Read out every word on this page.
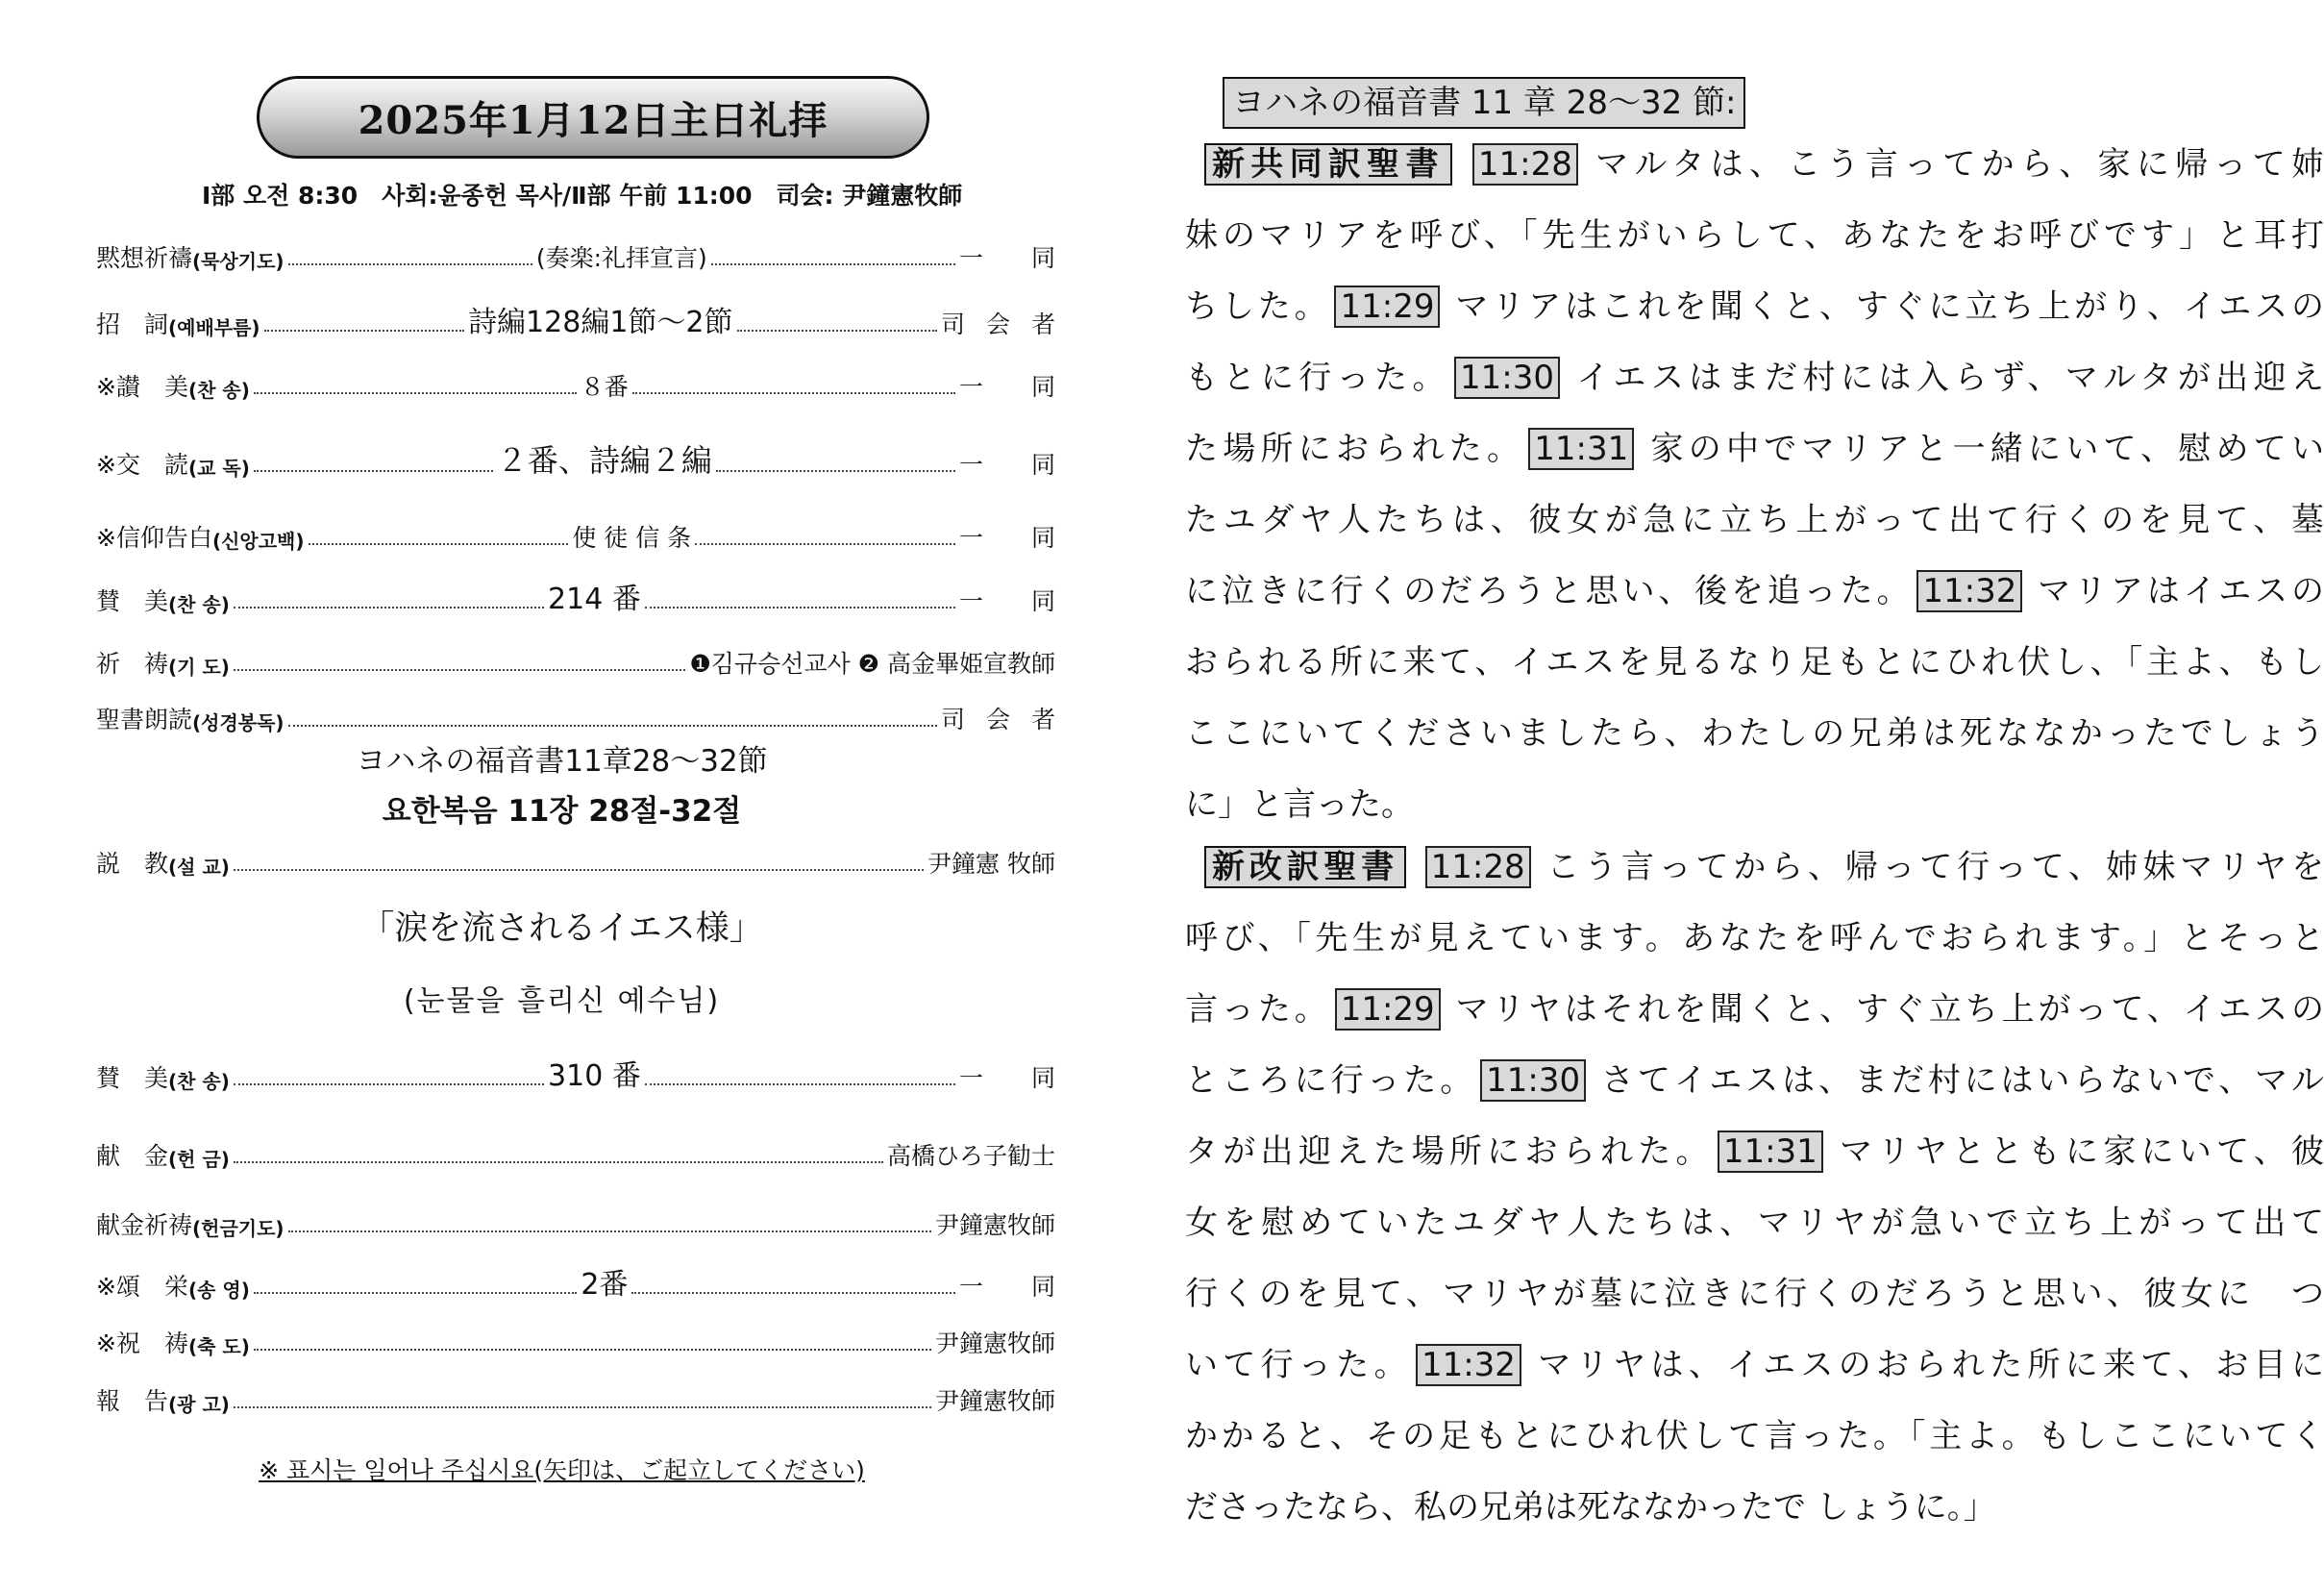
2025年1月12日主日礼拝
Ⅰ部 오전 8:30　사회:윤종헌 목사/Ⅱ部 午前 11:00　司会: 尹鐘憲牧師
黙想祈禱 (묵상기도)	(奏楽:礼拝宣言)	一同
招　詞 (예배부름)	詩編128編1節～2節	司会者
※讃　美 (찬 송)	８番	一同
※交　読 (교 독)	２番、詩編２編	一同
※信仰告白 (신앙고백)	使 徒 信 条	一同
賛　美 (찬 송)	214 番	一同
祈　祷 (기 도)	❶김규승선교사 ❷ 高金畢姫宣教師
聖書朗読 (성경봉독)	司会者
ヨハネの福音書11章28～32節
요한복음 11장 28절-32절
説　教 (설 교)	尹鐘憲 牧師
「涙を流されるイエス様」
(눈물을 흘리신 예수님)
賛　美 (찬 송)	310 番	一同
献　金 (헌 금)	高橋ひろ子勧士
献金祈祷 (헌금기도)	尹鐘憲牧師
※頌　栄 (송 영)	2番	一同
※祝　祷 (축 도)	尹鐘憲牧師
報　告 (광 고)	尹鐘憲牧師
※ 표시는 일어나 주십시요(矢印は、ご起立してください)
ヨハネの福音書 11 章 28～32 節:
新共同訳聖書 11:28 マルタは、こう言ってから、家に帰って姉
妹のマリアを呼び、「先生がいらして、あなたをお呼びです」と耳打
ちした。 11:29 マリアはこれを聞くと、すぐに立ち上がり、イエスの
もとに行った。 11:30 イエスはまだ村には入らず、マルタが出迎え
た場所におられた。 11:31 家の中でマリアと一緒にいて、慰めてい
たユダヤ人たちは、彼女が急に立ち上がって出て行くのを見て、墓
に泣きに行くのだろうと思い、後を追った。 11:32 マリアはイエスの
おられる所に来て、イエスを見るなり足もとにひれ伏し、「主よ、もし
ここにいてくださいましたら、わたしの兄弟は死ななかったでしょう
に」と言った。
新改訳聖書 11:28 こう言ってから、帰って行って、姉妹マリヤを
呼び、「先生が見えています。あなたを呼んでおられます。」とそっと
言った。 11:29 マリヤはそれを聞くと、すぐ立ち上がって、イエスの
ところに行った。 11:30 さてイエスは、まだ村にはいらないで、マル
タが出迎えた場所におられた。 11:31 マリヤとともに家にいて、彼
女を慰めていたユダヤ人たちは、マリヤが急いで立ち上がって出て
行くのを見て、マリヤが墓に泣きに行くのだろうと思い、彼女に　つ
いて行った。 11:32 マリヤは、イエスのおられた所に来て、お目に
かかると、その足もとにひれ伏して言った。「主よ。もしここにいてく
ださったなら、私の兄弟は死ななかったで しょうに。」
